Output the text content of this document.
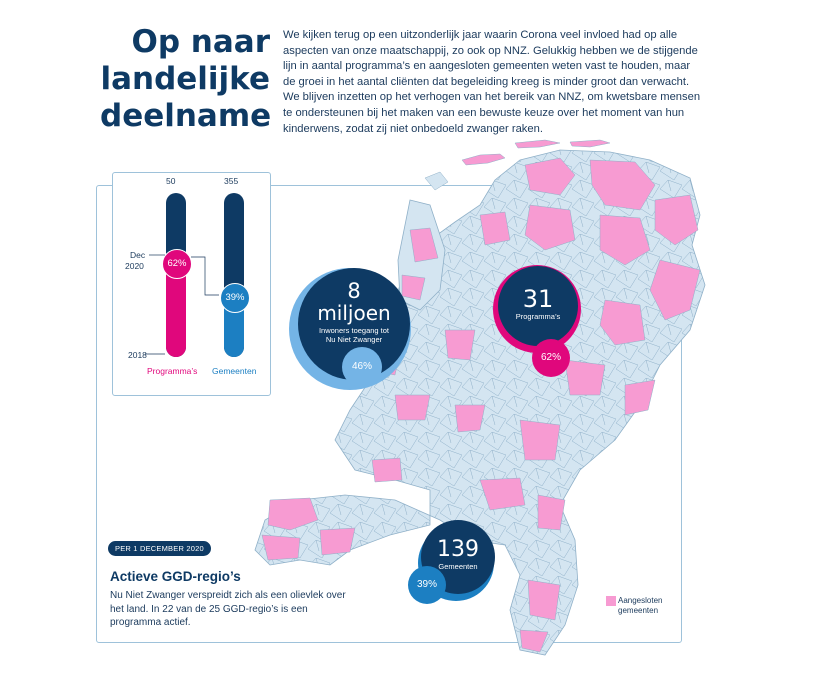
Op naar
landelijke
deelname

We kijken terug op een uitzonderlijk jaar waarin Corona veel invloed had op alle aspecten van onze maatschappij, zo ook op NNZ. Gelukkig hebben we de stijgende lijn in aantal programma’s en aangesloten gemeenten weten vast te houden, maar de groei in het aantal cliënten dat begeleiding kreeg is minder groot dan verwacht. We blijven inzetten op het verhogen van het bereik van NNZ, om kwetsbare mensen te ondersteunen bij het maken van een bewuste keuze over het moment van hun kinderwens, zodat zij niet onbedoeld zwanger raken.

50	355
62%
39%
Dec
2020
2018
Programma’s Gemeenten
8
miljoen
Inwoners toegang tot Nu Niet Zwanger
46%
31
Programma’s
62%
139
Gemeenten
39%
PER 1 DECEMBER 2020
Actieve GGD-regio’s

Nu Niet Zwanger verspreidt zich als een olievlek over het land. In 22 van de 25 GGD-regio’s is een programma actief.

Aangesloten gemeenten
